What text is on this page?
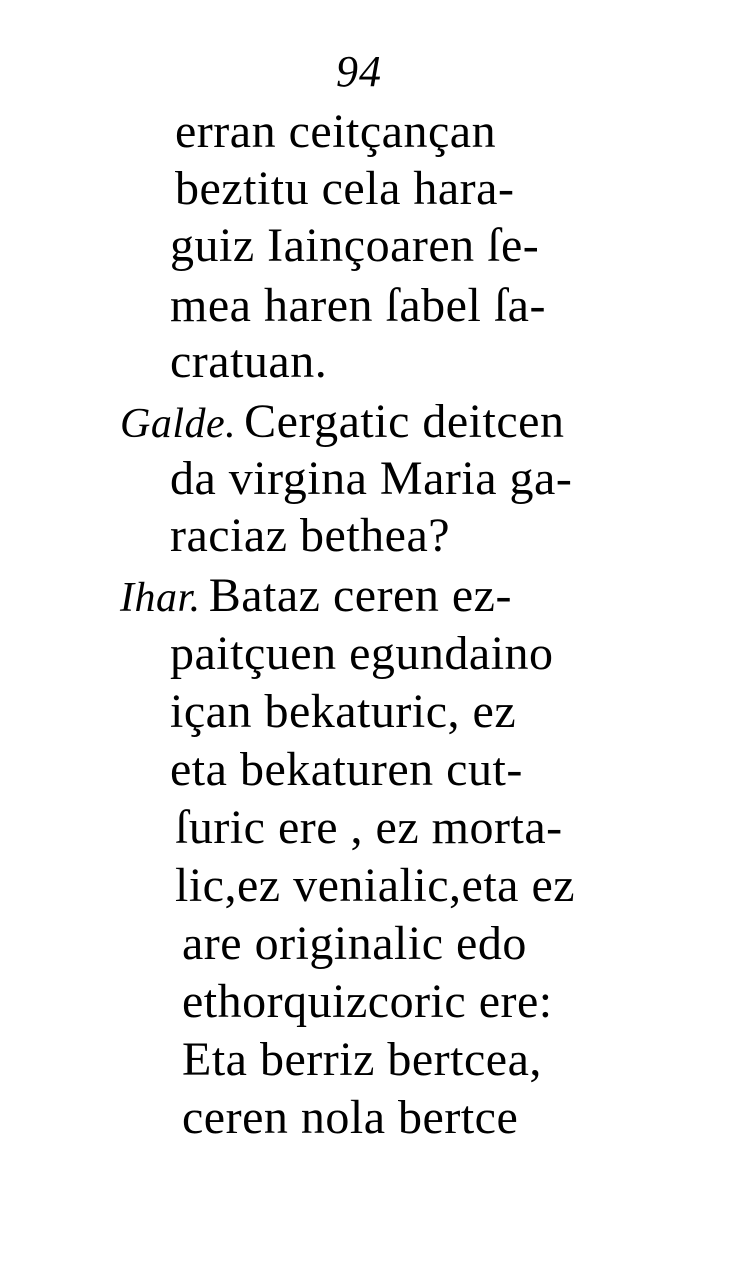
94
erran ceitçançan
beztitu cela hara-
guiz Iainçoaren ſe-
mea haren ſabel ſa-
cratuan.
Galde. Cergatic deitcen
da virgina Maria ga-
raciaz bethea?
Ihar. Bataz ceren ez-
paitçuen egundaino
içan bekaturic, ez
eta bekaturen cut-
ſuric ere , ez morta-
lic,ez venialic,eta ez
are originalic edo
ethorquizcoric ere:
Eta berriz bertcea,
ceren nola bertce
